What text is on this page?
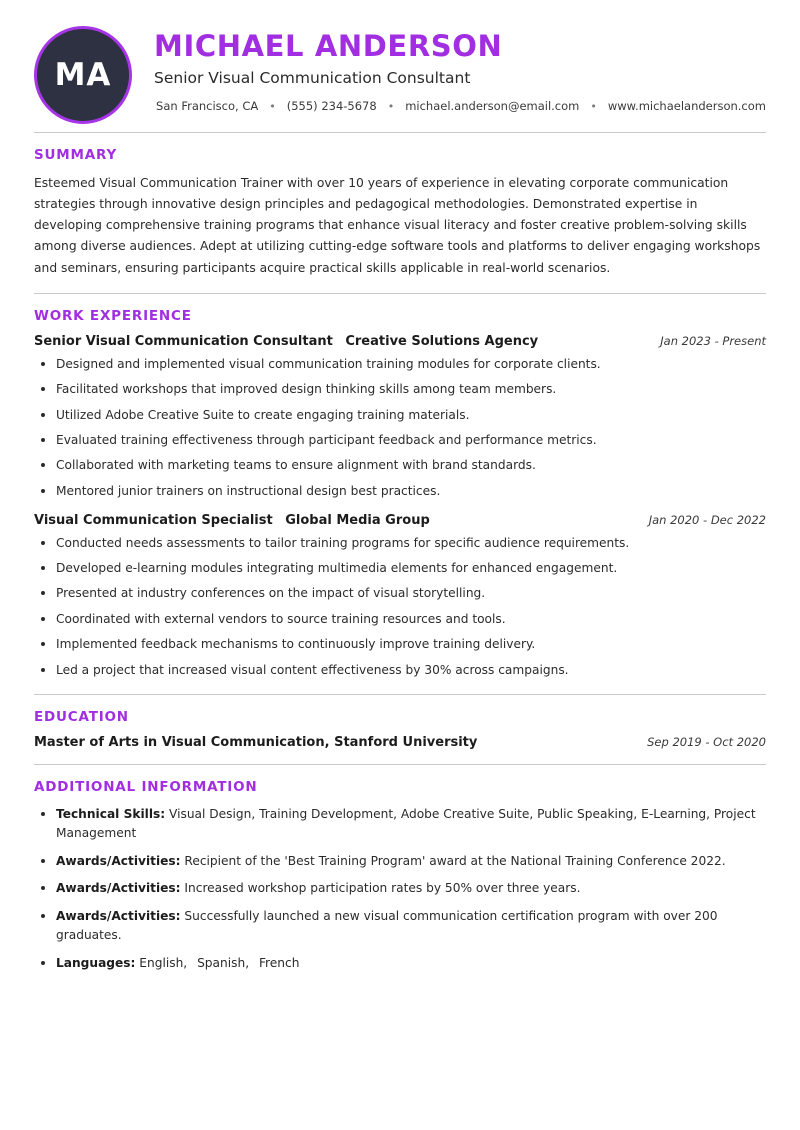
MA
MICHAEL ANDERSON
Senior Visual Communication Consultant
San Francisco, CA	• (555) 234-5678	• michael.anderson@email.com	• www.michaelanderson.com
SUMMARY

Esteemed Visual Communication Trainer with over 10 years of experience in elevating corporate communication strategies through innovative design principles and pedagogical methodologies. Demonstrated expertise in developing comprehensive training programs that enhance visual literacy and foster creative problem-solving skills among diverse audiences. Adept at utilizing cutting-edge software tools and platforms to deliver engaging workshops and seminars, ensuring participants acquire practical skills applicable in real-world scenarios.

WORK EXPERIENCE
Senior Visual Communication Consultant Creative Solutions Agency	Jan 2023 - Present
Designed and implemented visual communication training modules for corporate clients.
Facilitated workshops that improved design thinking skills among team members.
Utilized Adobe Creative Suite to create engaging training materials.
Evaluated training effectiveness through participant feedback and performance metrics.
Collaborated with marketing teams to ensure alignment with brand standards.
Mentored junior trainers on instructional design best practices.
Visual Communication Specialist Global Media Group	Jan 2020 - Dec 2022
Conducted needs assessments to tailor training programs for specific audience requirements.
Developed e-learning modules integrating multimedia elements for enhanced engagement.
Presented at industry conferences on the impact of visual storytelling.
Coordinated with external vendors to source training resources and tools.
Implemented feedback mechanisms to continuously improve training delivery.
Led a project that increased visual content effectiveness by 30% across campaigns.
EDUCATION
Master of Arts in Visual Communication, Stanford University	Sep 2019 - Oct 2020
ADDITIONAL INFORMATION
Technical Skills: Visual Design, Training Development, Adobe Creative Suite, Public Speaking, E-Learning, Project Management
Awards/Activities: Recipient of the 'Best Training Program' award at the National Training Conference 2022.
Awards/Activities: Increased workshop participation rates by 50% over three years.
Awards/Activities: Successfully launched a new visual communication certification program with over 200 graduates.
Languages: English, Spanish, French
